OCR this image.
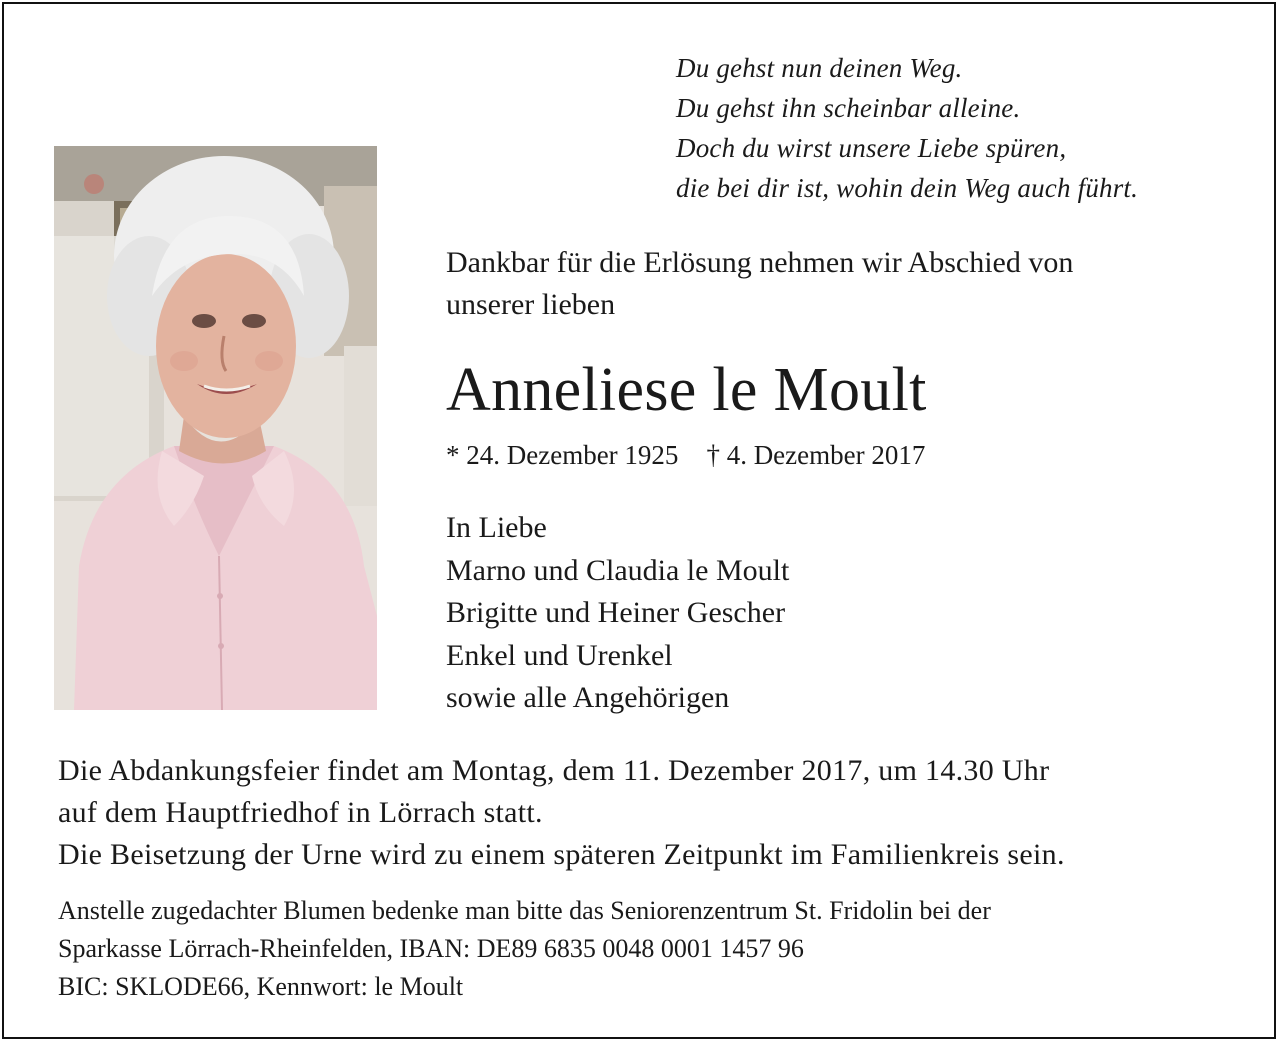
Du gehst nun deinen Weg.
Du gehst ihn scheinbar alleine.
Doch du wirst unsere Liebe spüren,
die bei dir ist, wohin dein Weg auch führt.
Dankbar für die Erlösung nehmen wir Abschied von
unserer lieben
Anneliese le Moult
* 24. Dezember 1925 † 4. Dezember 2017
In Liebe
Marno und Claudia le Moult
Brigitte und Heiner Gescher
Enkel und Urenkel
sowie alle Angehörigen
Die Abdankungsfeier findet am Montag, dem 11. Dezember 2017, um 14.30 Uhr
auf dem Hauptfriedhof in Lörrach statt.
Die Beisetzung der Urne wird zu einem späteren Zeitpunkt im Familienkreis sein.
Anstelle zugedachter Blumen bedenke man bitte das Seniorenzentrum St. Fridolin bei der
Sparkasse Lörrach-Rheinfelden, IBAN: DE89 6835 0048 0001 1457 96
BIC: SKLODE66, Kennwort: le Moult
